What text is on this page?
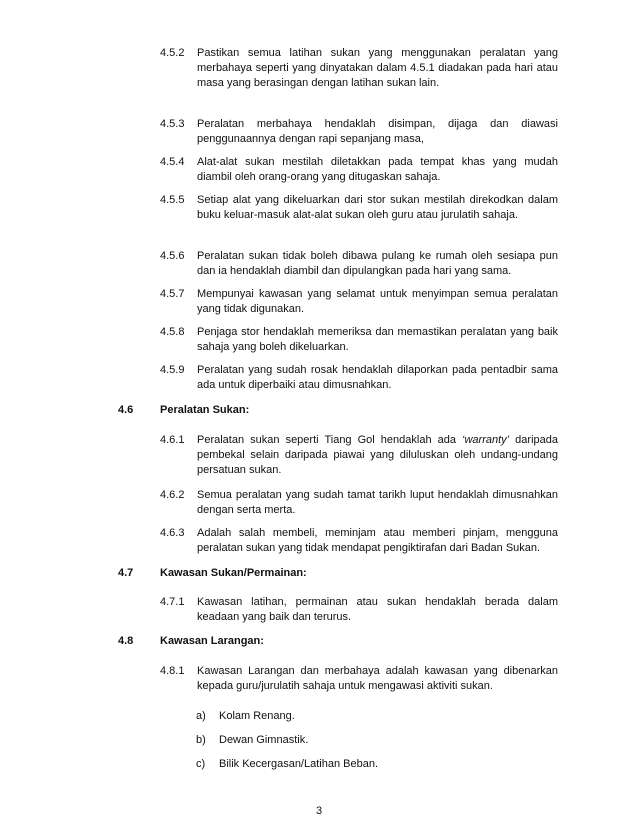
4.5.2 Pastikan semua latihan sukan yang menggunakan peralatan yang merbahaya seperti yang dinyatakan dalam 4.5.1 diadakan pada hari atau masa yang berasingan dengan latihan sukan lain.
4.5.3 Peralatan merbahaya hendaklah disimpan, dijaga dan diawasi penggunaannya dengan rapi sepanjang masa,
4.5.4 Alat-alat sukan mestilah diletakkan pada tempat khas yang mudah diambil oleh orang-orang yang ditugaskan sahaja.
4.5.5 Setiap alat yang dikeluarkan dari stor sukan mestilah direkodkan dalam buku keluar-masuk alat-alat sukan oleh guru atau jurulatih sahaja.
4.5.6 Peralatan sukan tidak boleh dibawa pulang ke rumah oleh sesiapa pun dan ia hendaklah diambil dan dipulangkan pada hari yang sama.
4.5.7 Mempunyai kawasan yang selamat untuk menyimpan semua peralatan yang tidak digunakan.
4.5.8 Penjaga stor hendaklah memeriksa dan memastikan peralatan yang baik sahaja yang boleh dikeluarkan.
4.5.9 Peralatan yang sudah rosak hendaklah dilaporkan pada pentadbir sama ada untuk diperbaiki atau dimusnahkan.
4.6 Peralatan Sukan:
4.6.1 Peralatan sukan seperti Tiang Gol hendaklah ada ‘warranty’ daripada pembekal selain daripada piawai yang diluluskan oleh undang-undang persatuan sukan.
4.6.2 Semua peralatan yang sudah tamat tarikh luput hendaklah dimusnahkan dengan serta merta.
4.6.3 Adalah salah membeli, meminjam atau memberi pinjam, mengguna peralatan sukan yang tidak mendapat pengiktirafan dari Badan Sukan.
4.7 Kawasan Sukan/Permainan:
4.7.1 Kawasan latihan, permainan atau sukan hendaklah berada dalam keadaan yang baik dan terurus.
4.8 Kawasan Larangan:
4.8.1 Kawasan Larangan dan merbahaya adalah kawasan yang dibenarkan kepada guru/jurulatih sahaja untuk mengawasi aktiviti sukan.
a) Kolam Renang.
b) Dewan Gimnastik.
c) Bilik Kecergasan/Latihan Beban.
3
